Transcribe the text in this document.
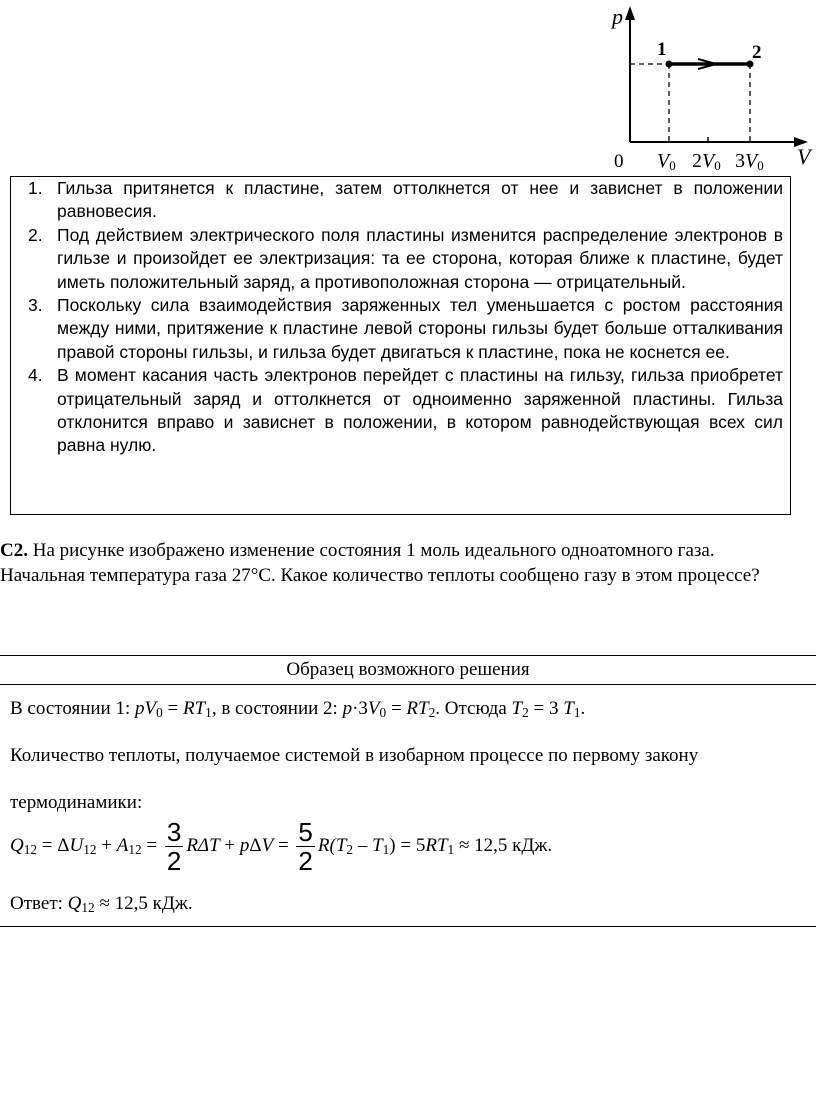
p
V
0
1	2
V0 2V0 3V0
1. Гильза притянется к пластине, затем оттолкнется от нее и зависнет в положении равновесия.
2. Под действием электрического поля пластины изменится распределение электронов в гильзе и произойдет ее электризация: та ее сторона, которая ближе к пластине, будет иметь положительный заряд, а противоположная сторона — отрицательный.
3. Поскольку сила взаимодействия заряженных тел уменьшается с ростом расстояния между ними, притяжение к пластине левой стороны гильзы будет больше отталкивания правой стороны гильзы, и гильза будет двигаться к пластине, пока не коснется ее.
4. В момент касания часть электронов перейдет с пластины на гильзу, гильза приобретет отрицательный заряд и оттолкнется от одноименно заряженной пластины. Гильза отклонится вправо и зависнет в положении, в котором равнодействующая всех сил равна нулю.
С2. На рисунке изображено изменение состояния 1 моль идеального одноатомного газа. Начальная температура газа 27°С. Какое количество теплоты сообщено газу в этом процессе?
Образец возможного решения
В состоянии 1: $pV_0 = RT_1$, в состоянии 2: $p\cdot 3V_0 = RT_2$. Отсюда $T_2 = 3$ $T_1$.
Количество теплоты, получаемое системой в изобарном процессе по первому закону
термодинамики:
$Q_{12} = \Delta U_{12} + A_{12} = \frac{3}{2}$ $R\Delta T + p\Delta V = \frac{5}{2} R(T_2 - T_1) = 5RT_1 \approx 12,5$ кДж.
Ответ: $Q_{12} \approx 12,5$ кДж.
